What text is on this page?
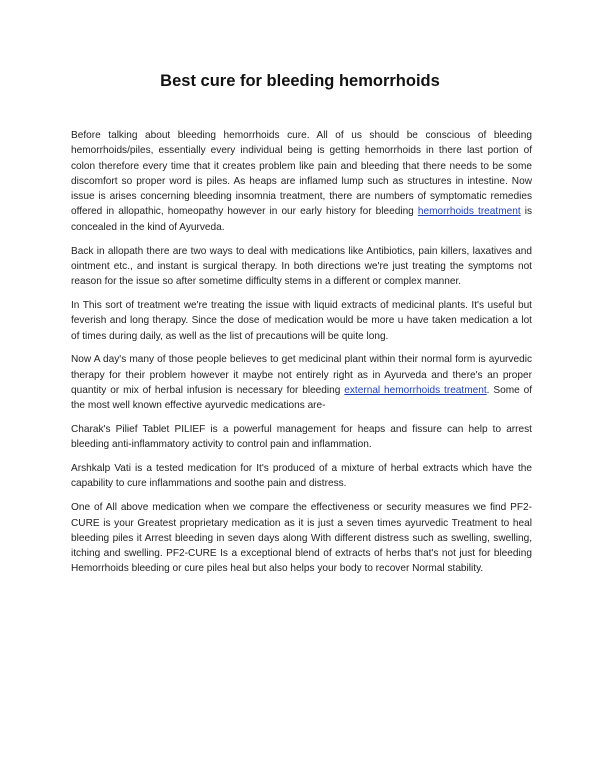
Best cure for bleeding hemorrhoids

Before talking about bleeding hemorrhoids cure. All of us should be conscious of bleeding hemorrhoids/piles, essentially every individual being is getting hemorrhoids in there last portion of colon therefore every time that it creates problem like pain and bleeding that there needs to be some discomfort so proper word is piles. As heaps are inflamed lump such as structures in intestine. Now issue is arises concerning bleeding insomnia treatment, there are numbers of symptomatic remedies offered in allopathic, homeopathy however in our early history for bleeding hemorrhoids treatment is concealed in the kind of Ayurveda.

Back in allopath there are two ways to deal with medications like Antibiotics, pain killers, laxatives and ointment etc., and instant is surgical therapy. In both directions we're just treating the symptoms not reason for the issue so after sometime difficulty stems in a different or complex manner.

In This sort of treatment we're treating the issue with liquid extracts of medicinal plants. It's useful but feverish and long therapy. Since the dose of medication would be more u have taken medication a lot of times during daily, as well as the list of precautions will be quite long.

Now A day's many of those people believes to get medicinal plant within their normal form is ayurvedic therapy for their problem however it maybe not entirely right as in Ayurveda and there's an proper quantity or mix of herbal infusion is necessary for bleeding external hemorrhoids treatment. Some of the most well known effective ayurvedic medications are-

Charak's Pilief Tablet PILIEF is a powerful management for heaps and fissure can help to arrest bleeding anti-inflammatory activity to control pain and inflammation.

Arshkalp Vati is a tested medication for It's produced of a mixture of herbal extracts which have the capability to cure inflammations and soothe pain and distress.

One of All above medication when we compare the effectiveness or security measures we find PF2-CURE is your Greatest proprietary medication as it is just a seven times ayurvedic Treatment to heal bleeding piles it Arrest bleeding in seven days along With different distress such as swelling, swelling, itching and swelling. PF2-CURE Is a exceptional blend of extracts of herbs that's not just for bleeding Hemorrhoids bleeding or cure piles heal but also helps your body to recover Normal stability.
